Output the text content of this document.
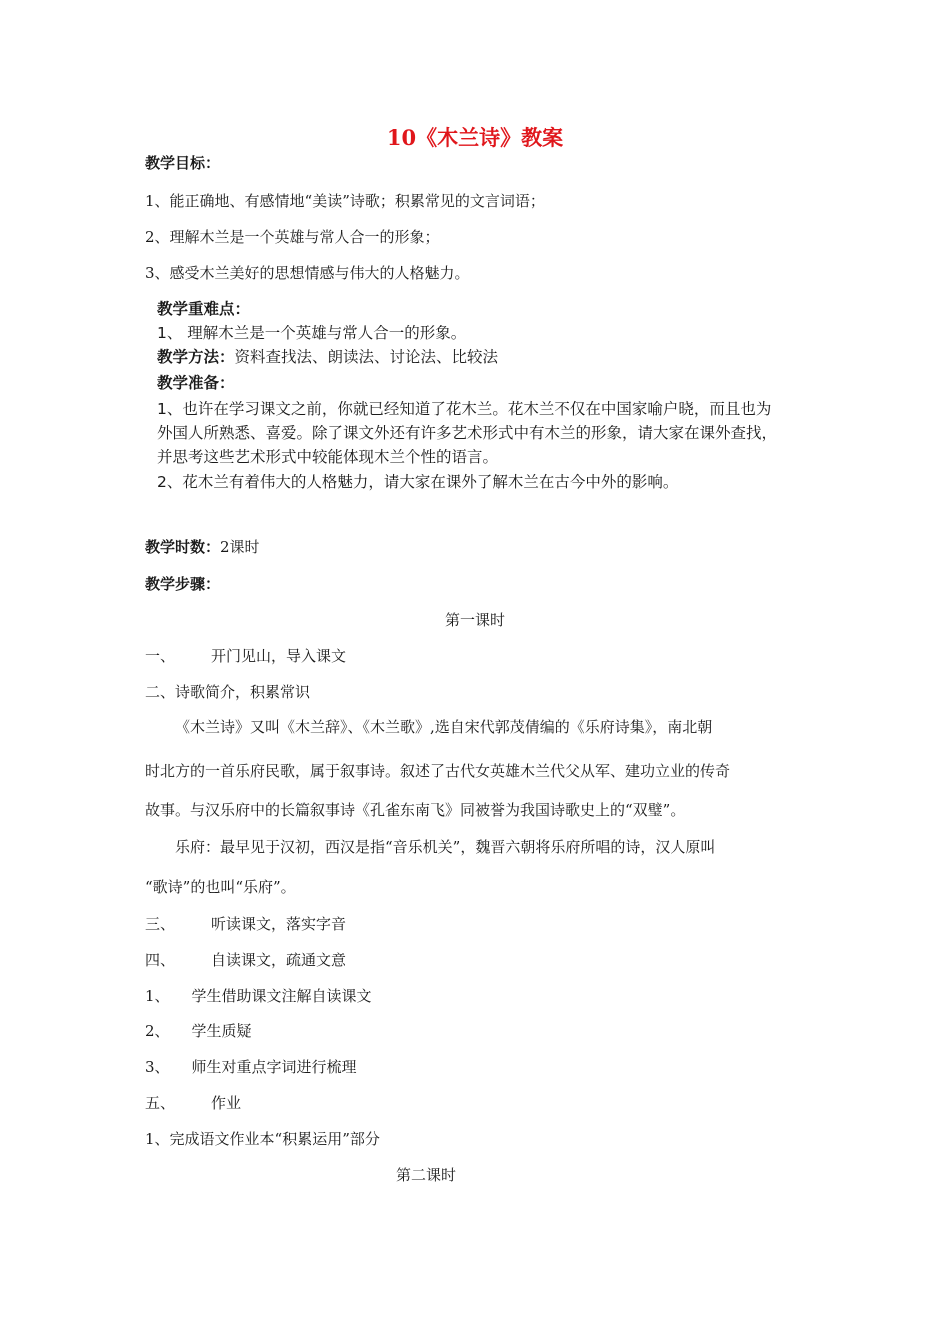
10《木兰诗》教案
教学目标：
1、能正确地、有感情地“美读”诗歌；积累常见的文言词语；
2、理解木兰是一个英雄与常人合一的形象；
3、感受木兰美好的思想情感与伟大的人格魅力。
教学重难点：
1、 理解木兰是一个英雄与常人合一的形象。
教学方法：资料查找法、朗读法、讨论法、比较法
教学准备：
1、也许在学习课文之前，你就已经知道了花木兰。花木兰不仅在中国家喻户晓，而且也为
外国人所熟悉、喜爱。除了课文外还有许多艺术形式中有木兰的形象，请大家在课外查找，
并思考这些艺术形式中较能体现木兰个性的语言。
2、花木兰有着伟大的人格魅力，请大家在课外了解木兰在古今中外的影响。
教学时数：2课时
教学步骤：
第一课时
一、 开门见山，导入课文
二、诗歌简介，积累常识
《木兰诗》又叫《木兰辞》、《木兰歌》,选自宋代郭茂倩编的《乐府诗集》，南北朝
时北方的一首乐府民歌，属于叙事诗。叙述了古代女英雄木兰代父从军、建功立业的传奇
故事。与汉乐府中的长篇叙事诗《孔雀东南飞》同被誉为我国诗歌史上的“双璧”。
乐府：最早见于汉初，西汉是指“音乐机关”，魏晋六朝将乐府所唱的诗，汉人原叫
“歌诗”的也叫“乐府”。
三、 听读课文，落实字音
四、 自读课文，疏通文意
1、 学生借助课文注解自读课文
2、 学生质疑
3、 师生对重点字词进行梳理
五、 作业
1、完成语文作业本“积累运用”部分
第二课时
